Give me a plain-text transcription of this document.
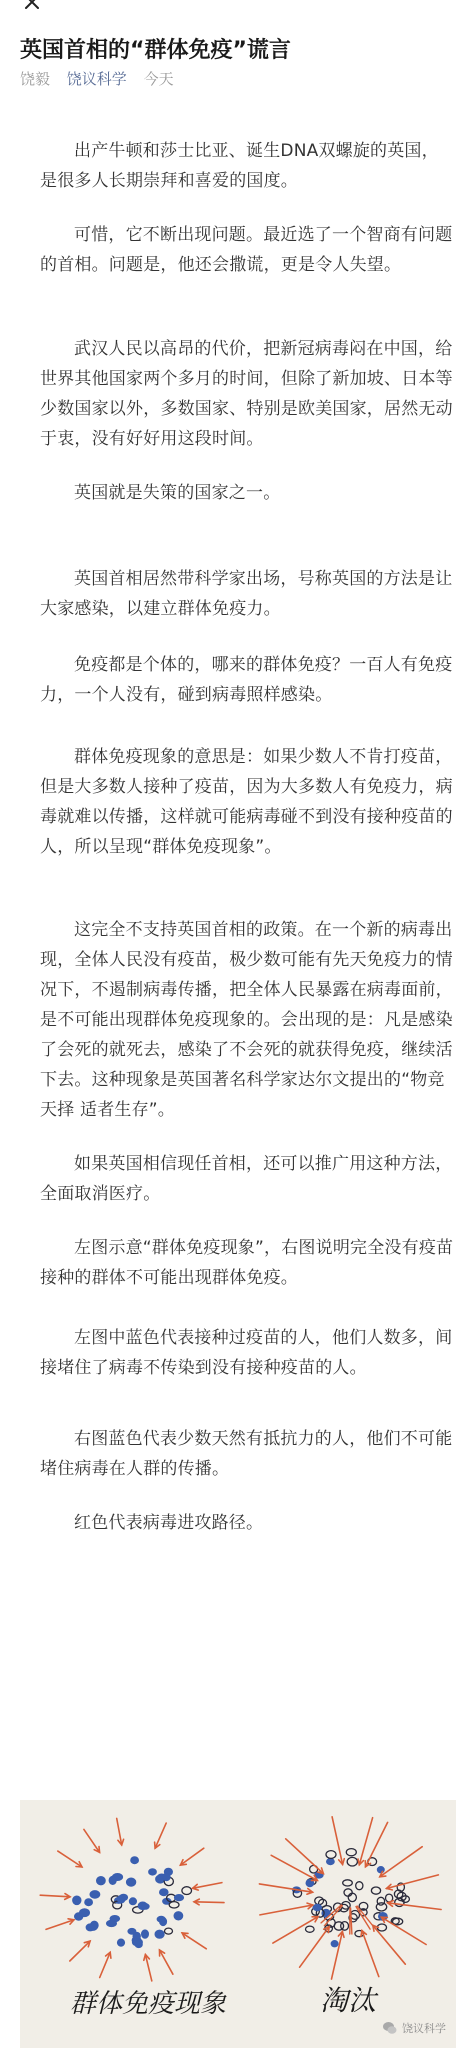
英国首相的“群体免疫”谎言
饶毅 饶议科学 今天

出产牛顿和莎士比亚、诞生DNA双螺旋的英国，是很多人长期崇拜和喜爱的国度。

可惜，它不断出现问题。最近选了一个智商有问题的首相。问题是，他还会撒谎，更是令人失望。

武汉人民以高昂的代价，把新冠病毒闷在中国，给世界其他国家两个多月的时间，但除了新加坡、日本等少数国家以外，多数国家、特别是欧美国家，居然无动于衷，没有好好用这段时间。

英国就是失策的国家之一。

英国首相居然带科学家出场，号称英国的方法是让大家感染，以建立群体免疫力。

免疫都是个体的，哪来的群体免疫？一百人有免疫力，一个人没有，碰到病毒照样感染。

群体免疫现象的意思是：如果少数人不肯打疫苗，但是大多数人接种了疫苗，因为大多数人有免疫力，病毒就难以传播，这样就可能病毒碰不到没有接种疫苗的人，所以呈现“群体免疫现象”。

这完全不支持英国首相的政策。在一个新的病毒出现，全体人民没有疫苗，极少数可能有先天免疫力的情况下，不遏制病毒传播，把全体人民暴露在病毒面前，是不可能出现群体免疫现象的。会出现的是：凡是感染了会死的就死去，感染了不会死的就获得免疫，继续活下去。这种现象是英国著名科学家达尔文提出的“物竞天择 适者生存”。

如果英国相信现任首相，还可以推广用这种方法，全面取消医疗。

左图示意“群体免疫现象”，右图说明完全没有疫苗接种的群体不可能出现群体免疫。

左图中蓝色代表接种过疫苗的人，他们人数多，间接堵住了病毒不传染到没有接种疫苗的人。

右图蓝色代表少数天然有抵抗力的人，他们不可能堵住病毒在人群的传播。

红色代表病毒进攻路径。

群体免疫现象	淘汰
饶议科学
